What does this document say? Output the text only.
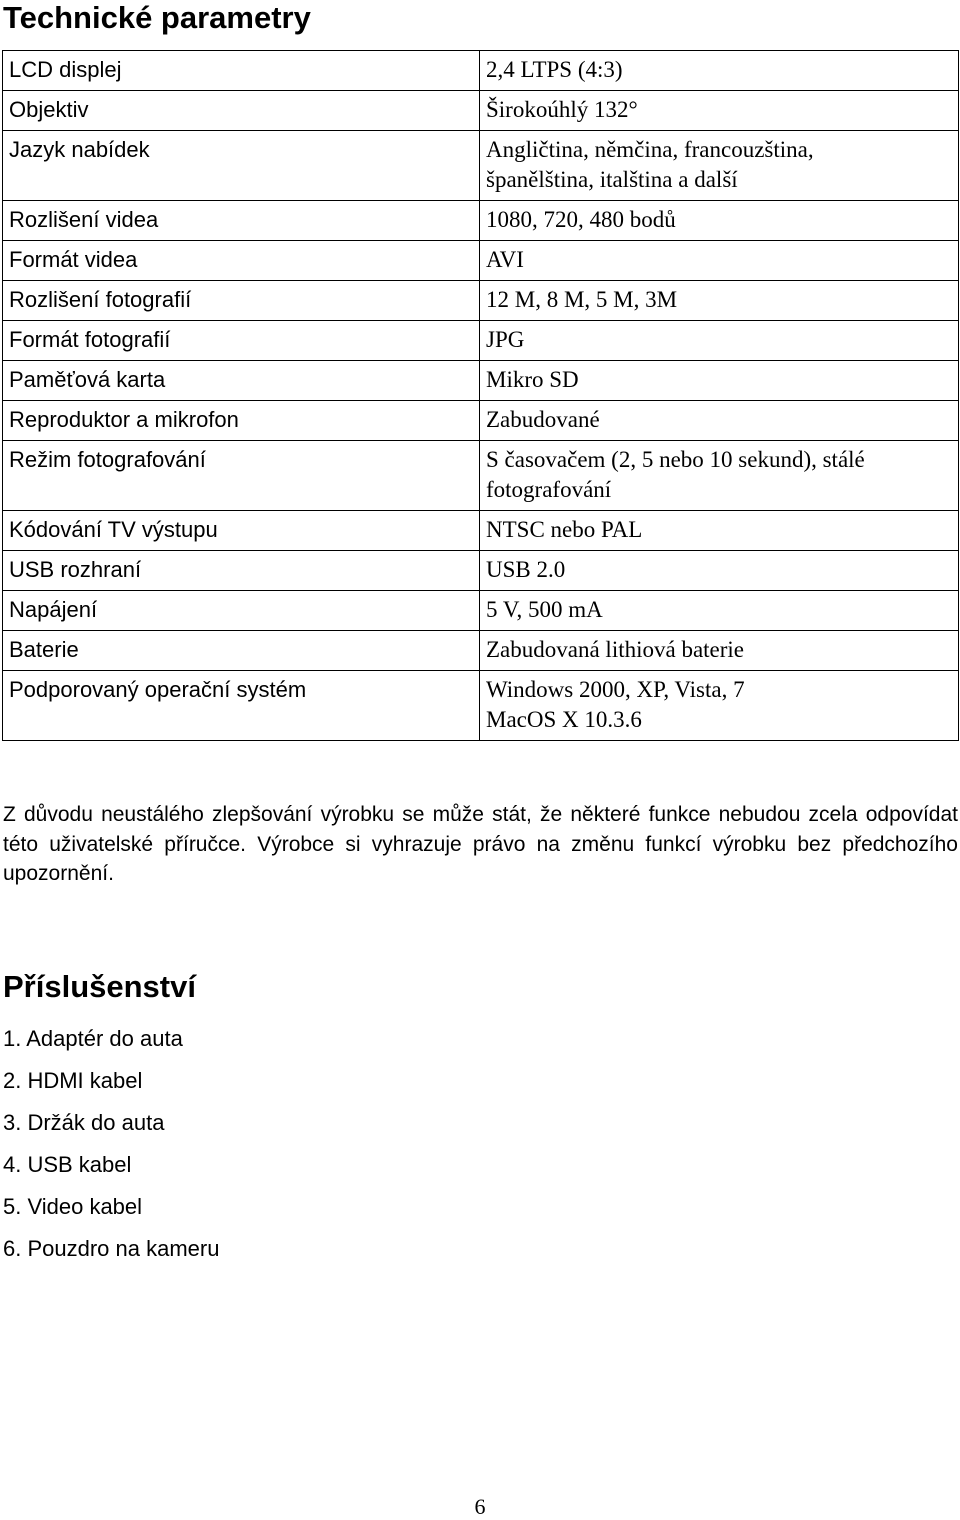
Technické parametry
LCD displej	2,4 LTPS (4:3)

Objektiv	Širokoúhlý 132°

Jazyk nabídek	Angličtina, němčina, francouzština,
španělština, italština a další

Rozlišení videa	1080, 720, 480 bodů

Formát videa	AVI

Rozlišení fotografií	12 M, 8 M, 5 M, 3M

Formát fotografií	JPG

Paměťová karta	Mikro SD

Reproduktor a mikrofon	Zabudované

Režim fotografování	S časovačem (2, 5 nebo 10 sekund), stálé
fotografování

Kódování TV výstupu	NTSC nebo PAL

USB rozhraní	USB 2.0

Napájení	5 V, 500 mA

Baterie	Zabudovaná lithiová baterie

Podporovaný operační systém	Windows 2000, XP, Vista, 7
MacOS X 10.3.6

Z důvodu neustálého zlepšování výrobku se může stát, že některé funkce nebudou zcela odpovídat této uživatelské příručce. Výrobce si vyhrazuje právo na změnu funkcí výrobku bez předchozího upozornění.

Příslušenství
1. Adaptér do auta
2. HDMI kabel
3. Držák do auta
4. USB kabel
5. Video kabel
6. Pouzdro na kameru
6
